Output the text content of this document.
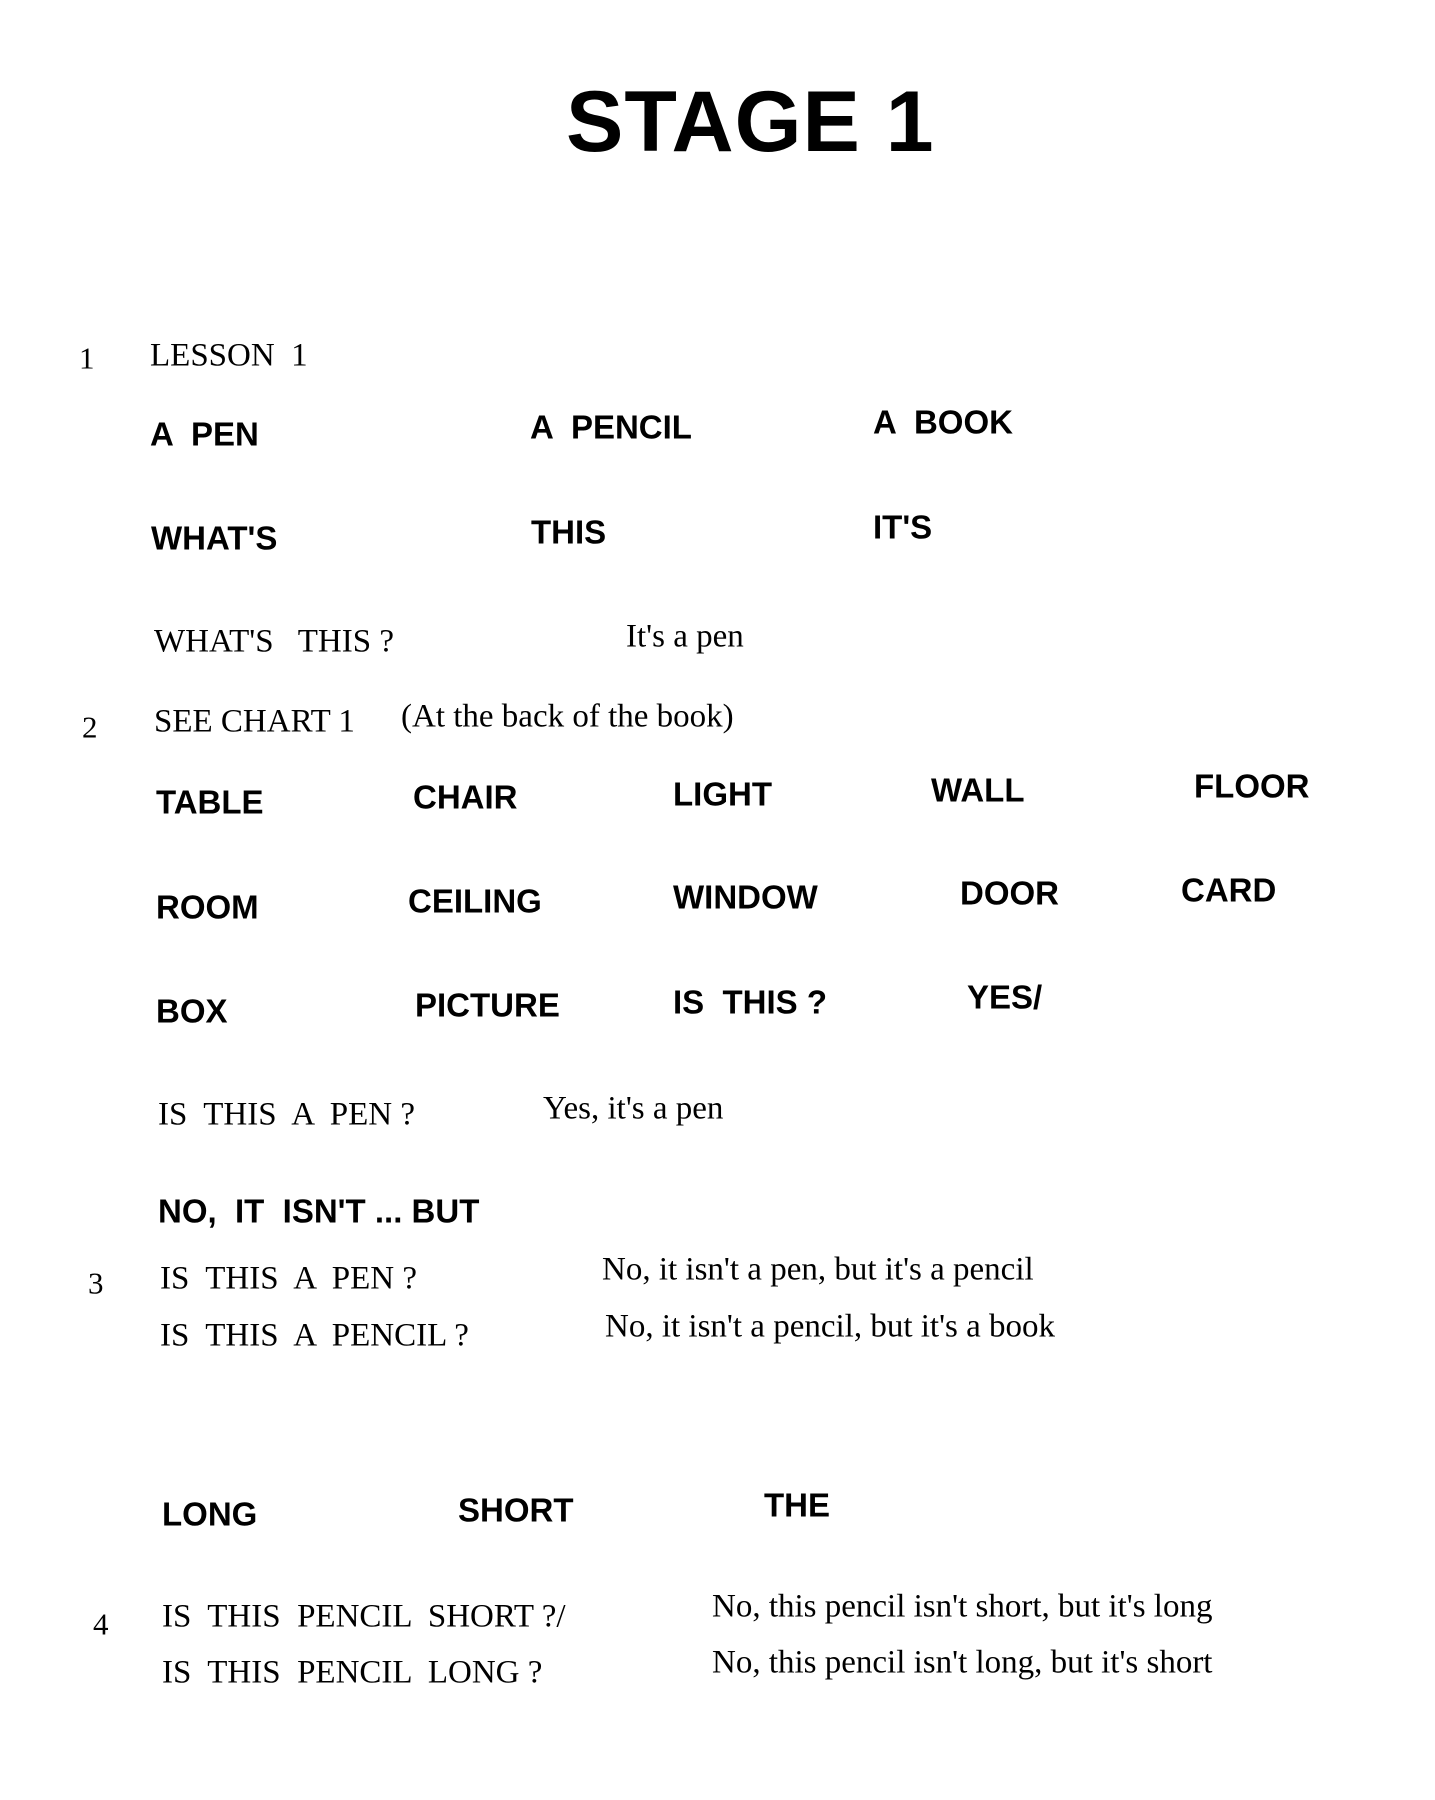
STAGE 1
1 LESSON  1
A  PEN	A  PENCIL	A  BOOK
WHAT'S	THIS	IT'S
WHAT'S   THIS ?	It's a pen
2 SEE CHART 1 (At the back of the book)
TABLE	CHAIR	LIGHT	WALL	FLOOR
ROOM	CEILING	WINDOW	DOOR	CARD
BOX	PICTURE	IS  THIS ?	YES/
IS  THIS  A  PEN ?	Yes, it's a pen
NO,  IT  ISN'T ... BUT
3 IS  THIS  A  PEN ?	No, it isn't a pen, but it's a pencil
IS  THIS  A  PENCIL ?	No, it isn't a pencil, but it's a book
LONG	SHORT	THE
4 IS  THIS  PENCIL  SHORT ?/	No, this pencil isn't short, but it's long
IS  THIS  PENCIL  LONG ?	No, this pencil isn't long, but it's short
